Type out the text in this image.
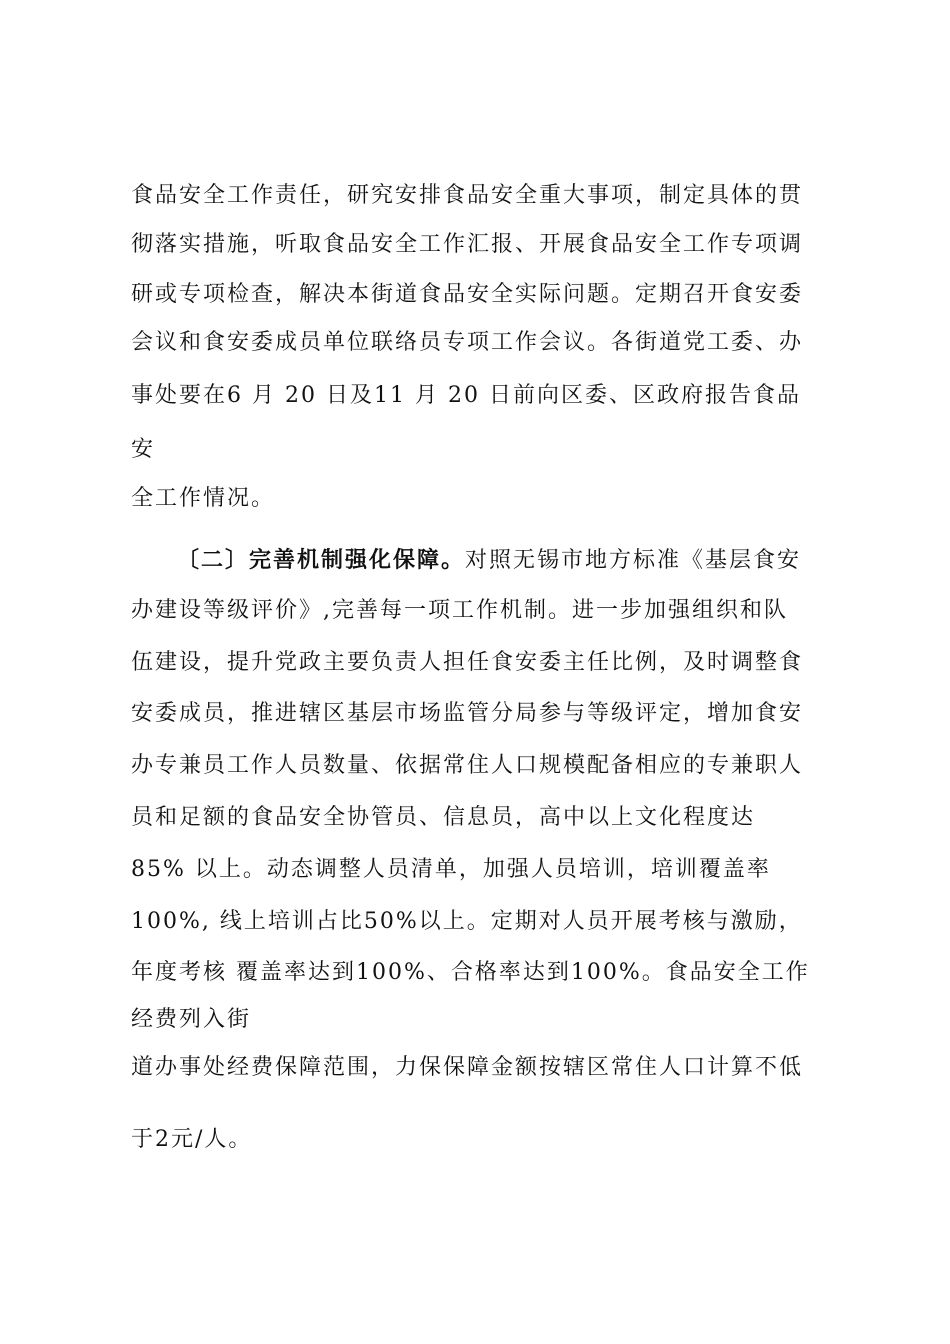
食品安全工作责任，研究安排食品安全重大事项，制定具体的贯
彻落实措施，听取食品安全工作汇报、开展食品安全工作专项调
研或专项检查，解决本街道食品安全实际问题。定期召开食安委
会议和食安委成员单位联络员专项工作会议。各街道党工委、办
事处要在6 月 20 日及11 月 20 日前向区委、区政府报告食品
安
全工作情况。
〔二〕完善机制强化保障。对照无锡市地方标准《基层食安
办建设等级评价》,完善每一项工作机制。进一步加强组织和队
伍建设，提升党政主要负责人担任食安委主任比例，及时调整食
安委成员，推进辖区基层市场监管分局参与等级评定，增加食安
办专兼员工作人员数量、依据常住人口规模配备相应的专兼职人
员和足额的食品安全协管员、信息员，高中以上文化程度达
85% 以上。动态调整人员清单，加强人员培训，培训覆盖率
100%, 线上培训占比50%以上。定期对人员开展考核与激励，
年度考核 覆盖率达到100%、合格率达到100%。食品安全工作
经费列入街
道办事处经费保障范围，力保保障金额按辖区常住人口计算不低
于2元/人。
